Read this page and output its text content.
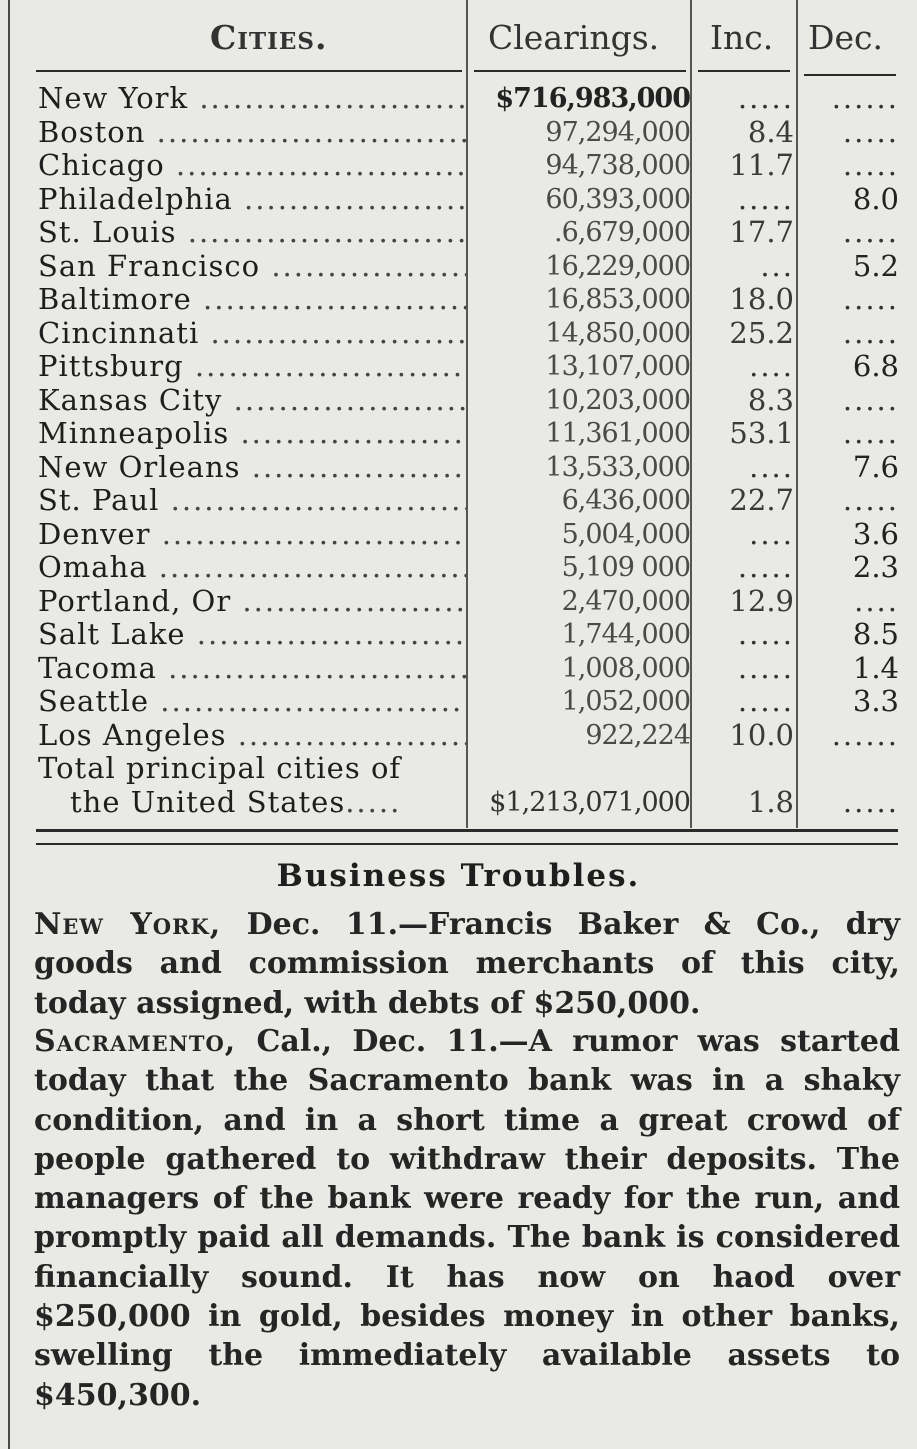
Cities.	Clearings. Inc. Dec.
New York .....	$716,983,000	.....	......
Boston .....	97,294,000	8.4	.....
Chicago .....	94,738,000	11.7	.....
Philadelphia .....	60,393,000	.....	8.0
St. Louis .....	.6,679,000	17.7	.....
San Francisco .....	16,229,000	...	5.2
Baltimore .....	16,853,000	18.0	.....
Cincinnati .....	14,850,000	25.2	.....
Pittsburg .....	13,107,000	....	6.8
Kansas City .....	10,203,000	8.3	.....
Minneapolis .....	11,361,000	53.1	.....
New Orleans .....	13,533,000	....	7.6
St. Paul .....	6,436,000	22.7	.....
Denver .....	5,004,000	....	3.6
Omaha .....	5,109 000	.....	2.3
Portland, Or .....	2,470,000	12.9	....
Salt Lake .....	1,744,000	.....	8.5
Tacoma .....	1,008,000	.....	1.4
Seattle .....	1,052,000	.....	3.3
Los Angeles .....	922,224	10.0	......
Total principal cities of
the United States.....	$1,213,071,000	1.8	.....
Business Troubles.
New York, Dec. 11.—Francis Baker & Co., dry goods and commission merchants of this city,
today assigned, with debts of $250,000.
Sacramento, Cal., Dec. 11.—A rumor was started today that the Sacramento bank was in a shaky condition, and in a short time a great crowd of people gathered to withdraw their deposits. The managers of the bank were ready for the run, and promptly paid all demands. The bank is considered financially sound. It has now on haod over $250,000 in gold, besides money in other banks, swelling the immediately available assets to
$450,300.
